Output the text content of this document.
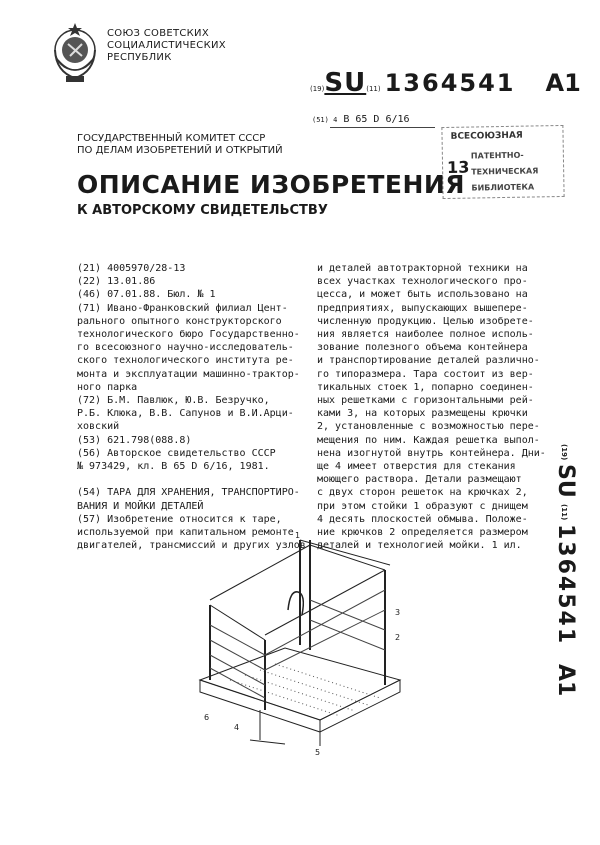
СОЮЗ СОВЕТСКИХ
СОЦИАЛИСТИЧЕСКИХ
РЕСПУБЛИК
(19)SU(11) 1364541 A1
(51) 4 B 65 D 6/16
ВСЕСОЮЗНАЯ
13
ПАТЕНТНО-
ТЕХНИЧЕСКАЯ
БИБЛИОТЕКА
ГОСУДАРСТВЕННЫЙ КОМИТЕТ СССР
ПО ДЕЛАМ ИЗОБРЕТЕНИЙ И ОТКРЫТИЙ
ОПИСАНИЕ ИЗОБРЕТЕНИЯ
К АВТОРСКОМУ СВИДЕТЕЛЬСТВУ
(21) 4005970/28-13
(22) 13.01.86
(46) 07.01.88. Бюл. № 1
(71) Ивано-Франковский филиал Цент-
рального опытного конструкторского
технологического бюро Государственно-
го всесоюзного научно-исследователь-
ского технологического института ре-
монта и эксплуатации машинно-трактор-
ного парка
(72) Б.М. Павлюк, Ю.В. Безручко,
Р.Б. Клюка, В.В. Сапунов и В.И.Арци-
ховский
(53) 621.798(088.8)
(56) Авторское свидетельство СССР
№ 973429, кл. В 65 D 6/16, 1981.

(54) ТАРА ДЛЯ ХРАНЕНИЯ, ТРАНСПОРТИРО-
ВАНИЯ И МОЙКИ ДЕТАЛЕЙ
(57) Изобретение относится к таре,
используемой при капитальном ремонте
двигателей, трансмиссий и других узлов
и деталей автотракторной техники на
всех участках технологического про-
цесса, и может быть использовано на
предприятиях, выпускающих вышепере-
численную продукцию. Целью изобрете-
ния является наиболее полное исполь-
зование полезного объема контейнера
и транспортирование деталей различно-
го типоразмера. Тара состоит из вер-
тикальных стоек 1, попарно соединен-
ных решетками с горизонтальными рей-
ками 3, на которых размещены крючки
2, установленные с возможностью пере-
мещения по ним. Каждая решетка выпол-
нена изогнутой внутрь контейнера. Дни-
ще 4 имеет отверстия для стекания
моющего раствора. Детали размещают
с двух сторон решеток на крючках 2,
при этом стойки 1 образуют с днищем
4 десять плоскостей обмыва. Положе-
ние крючков 2 определяется размером
деталей и технологией мойки. 1 ил.
(19)
SU
(11)
1364541
A1
3
2
6
4
5
1
